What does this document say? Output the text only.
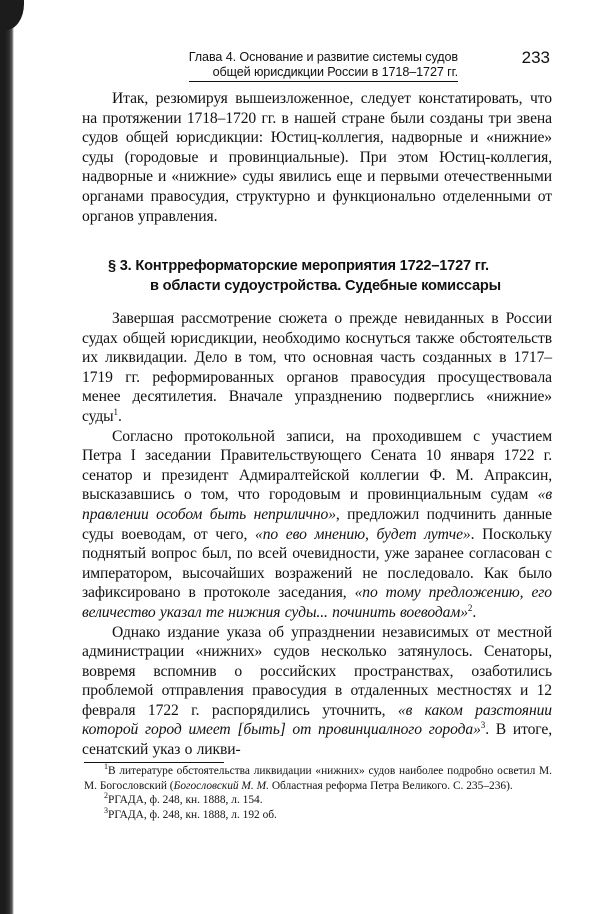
Глава 4. Основание и развитие системы судов
общей юрисдикции России в 1718–1727 гг.
233

Итак, резюмируя вышеизложенное, следует констатировать, что на протяжении 1718–1720 гг. в нашей стране были созданы три звена судов общей юрисдикции: Юстиц-коллегия, надворные и «нижние» суды (городовые и провинциальные). При этом Юстиц-коллегия, надворные и «нижние» суды явились еще и первыми отечественными органами правосудия, структурно и функционально отделенными от органов управления.

§ 3. Контрреформаторские мероприятия 1722–1727 гг.
в области судоустройства. Судебные комиссары

Завершая рассмотрение сюжета о прежде невиданных в России судах общей юрисдикции, необходимо коснуться также обстоятельств их ликвидации. Дело в том, что основная часть созданных в 1717–1719 гг. реформированных органов правосудия просуществовала менее десятилетия. Вначале упразднению подверглись «нижние» суды$^1$.

Согласно протокольной записи, на проходившем с участием Петра I заседании Правительствующего Сената 10 января 1722 г. сенатор и президент Адмиралтейской коллегии Ф. М. Апраксин, высказавшись о том, что городовым и провинциальным судам «в правлении особом быть неприлично», предложил подчинить данные суды воеводам, от чего, «по ево мнению, будет лутче». Поскольку поднятый вопрос был, по всей очевидности, уже заранее согласован с императором, высочайших возражений не последовало. Как было зафиксировано в протоколе заседания, «по тому предложению, его величество указал те нижния суды... починить воеводам»$^2$.

Однако издание указа об упразднении независимых от местной администрации «нижних» судов несколько затянулось. Сенаторы, вовремя вспомнив о российских пространствах, озаботились проблемой отправления правосудия в отдаленных местностях и 12 февраля 1722 г. распорядились уточнить, «в каком разстоянии которой город имеет [быть] от провинциалного города»$^3$. В итоге, сенатский указ о ликви-

$^1$В литературе обстоятельства ликвидации «нижних» судов наиболее подробно осветил М. М. Богословский (Богословский М. М. Областная реформа Петра Великого. С. 235–236).

$^2$РГАДА, ф. 248, кн. 1888, л. 154.

$^3$РГАДА, ф. 248, кн. 1888, л. 192 об.
